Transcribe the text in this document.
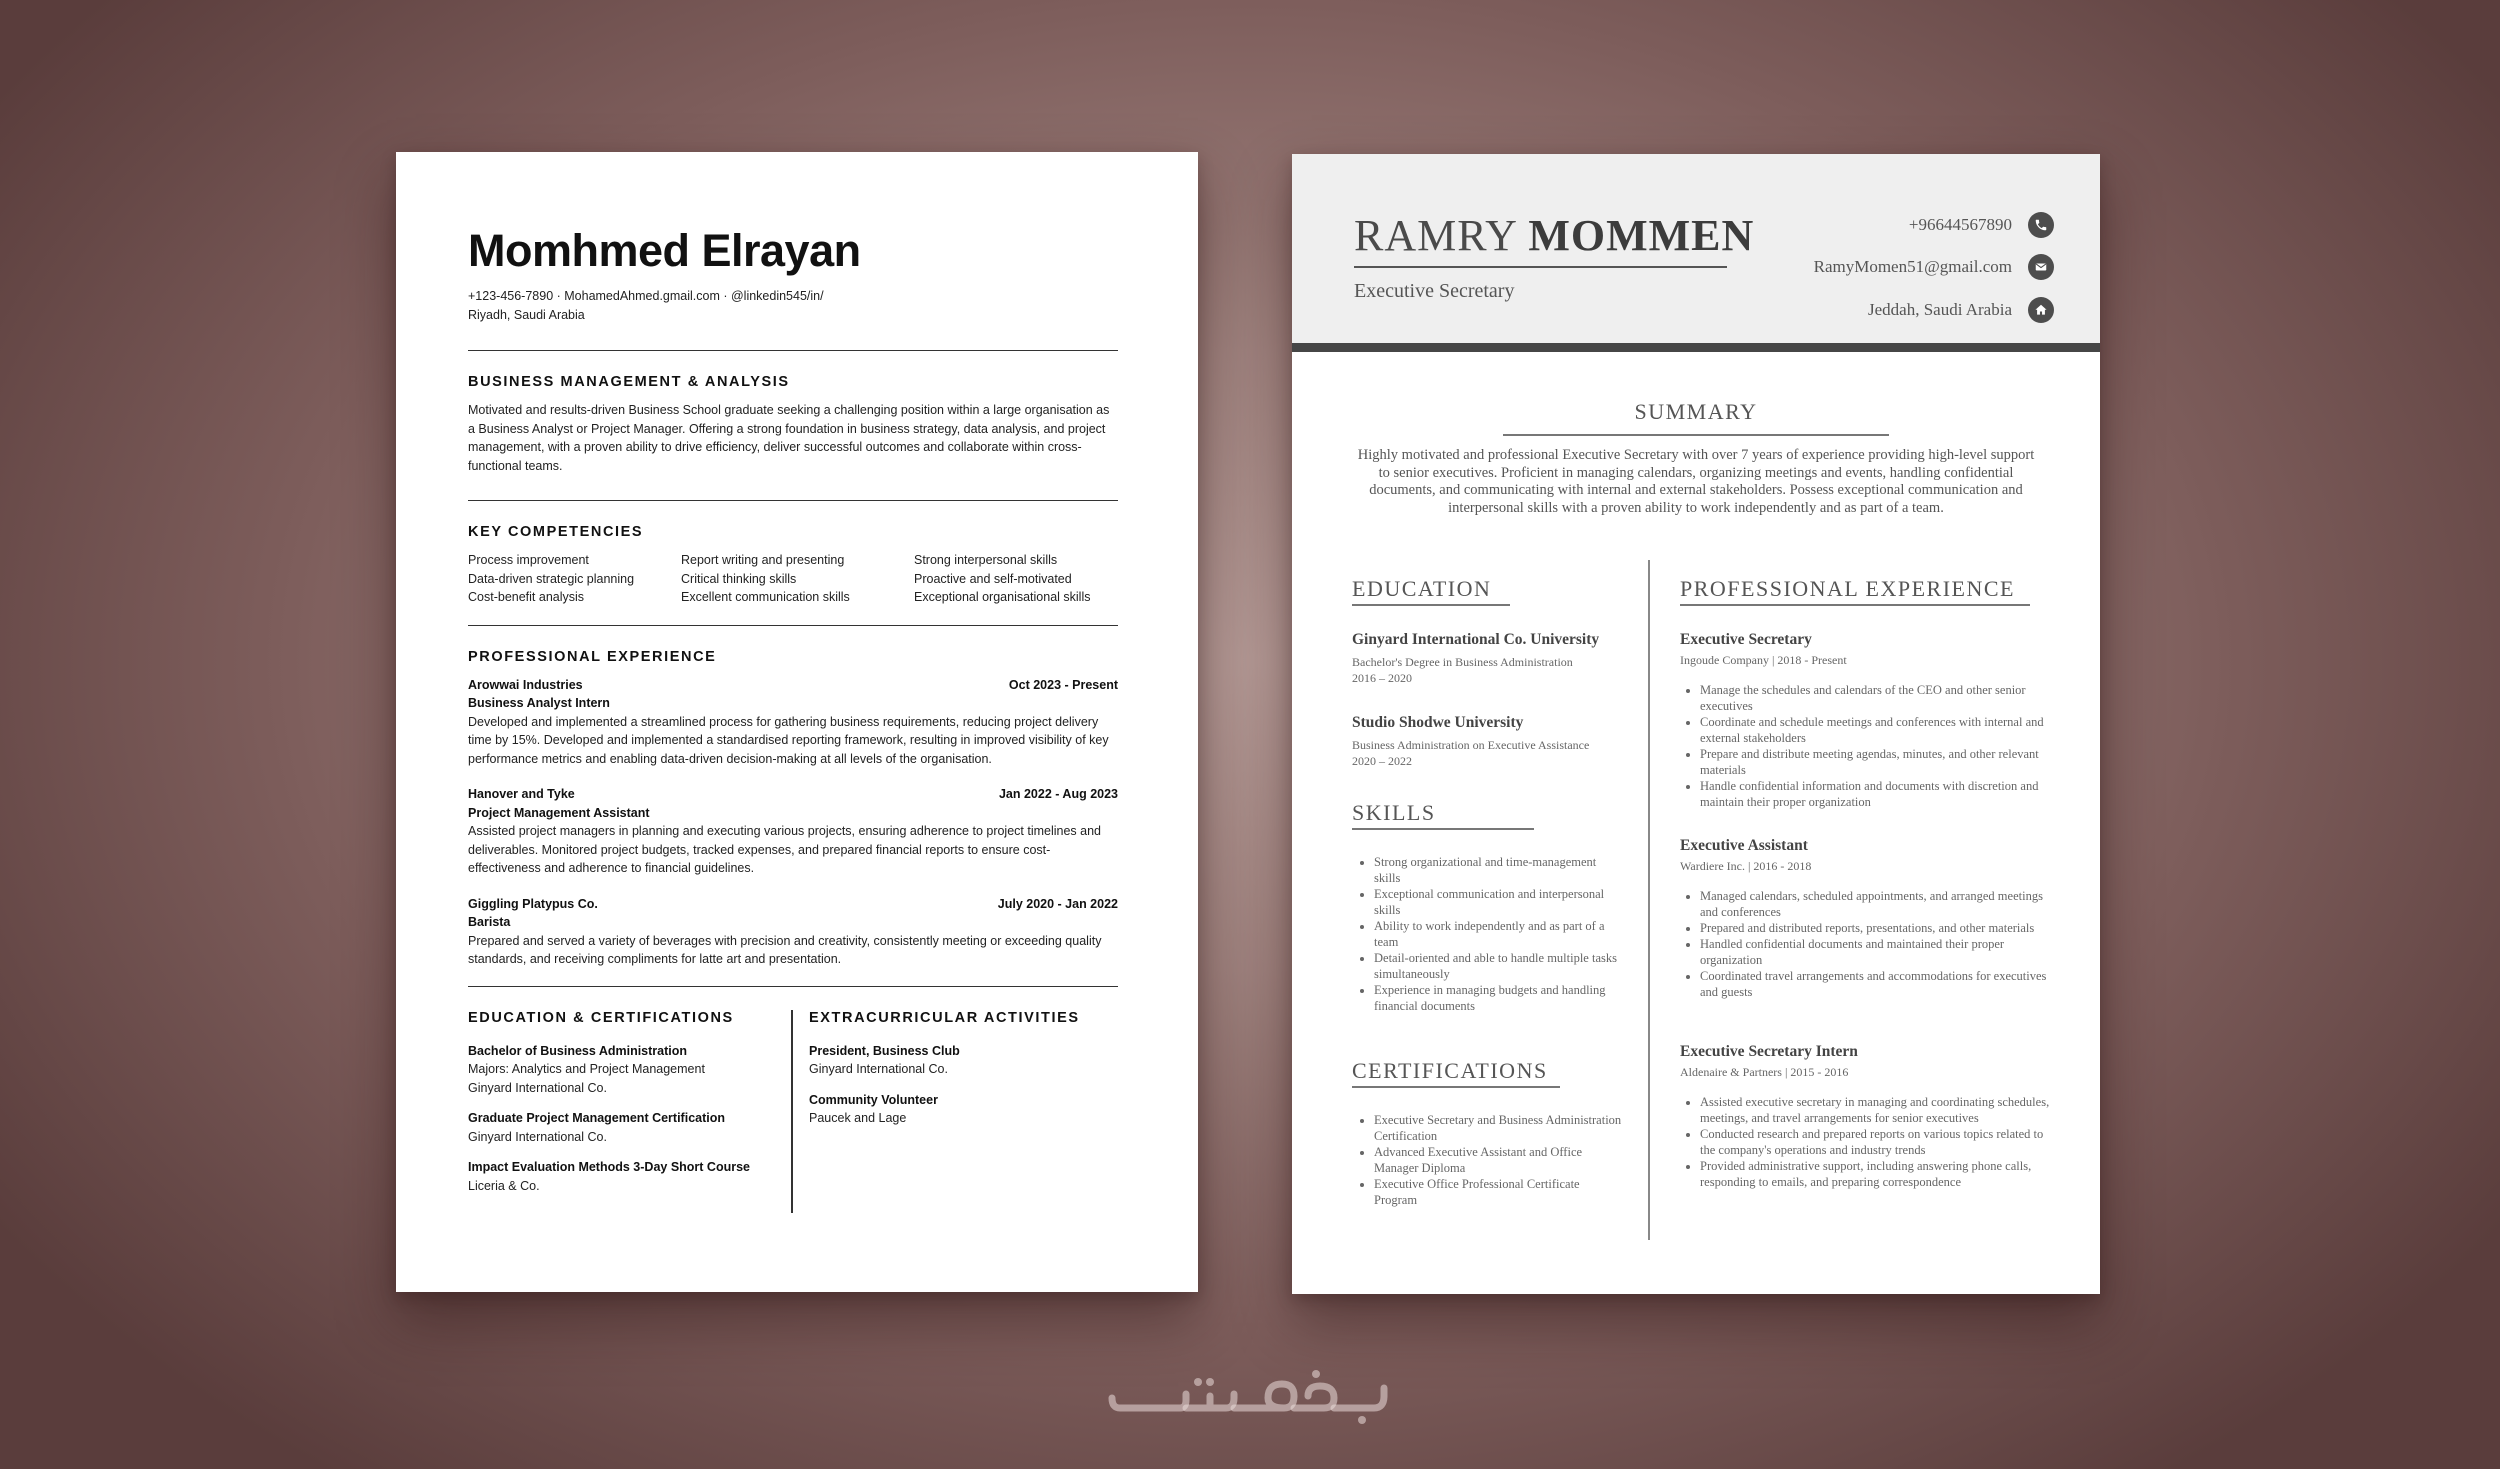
Momhmed Elrayan
+123-456-7890 · MohamedAhmed.gmail.com · @linkedin545/in/
Riyadh, Saudi Arabia
BUSINESS MANAGEMENT & ANALYSIS
Motivated and results-driven Business School graduate seeking a challenging position within a large organisation as a Business Analyst or Project Manager. Offering a strong foundation in business strategy, data analysis, and project management, with a proven ability to drive efficiency, deliver successful outcomes and collaborate within cross-functional teams.
KEY COMPETENCIES
Process improvement	Report writing and presenting	Strong interpersonal skills
Data-driven strategic planning	Critical thinking skills	Proactive and self-motivated
Cost-benefit analysis	Excellent communication skills	Exceptional organisational skills
PROFESSIONAL EXPERIENCE
Arowwai Industries	Oct 2023 - Present
Business Analyst Intern
Developed and implemented a streamlined process for gathering business requirements, reducing project delivery time by 15%. Developed and implemented a standardised reporting framework, resulting in improved visibility of key performance metrics and enabling data-driven decision-making at all levels of the organisation.
Hanover and Tyke	Jan 2022 - Aug 2023
Project Management Assistant
Assisted project managers in planning and executing various projects, ensuring adherence to project timelines and deliverables. Monitored project budgets, tracked expenses, and prepared financial reports to ensure cost-effectiveness and adherence to financial guidelines.
Giggling Platypus Co.	July 2020 - Jan 2022
Barista
Prepared and served a variety of beverages with precision and creativity, consistently meeting or exceeding quality standards, and receiving compliments for latte art and presentation.
EDUCATION & CERTIFICATIONS
Bachelor of Business Administration
Majors: Analytics and Project Management
Ginyard International Co.
Graduate Project Management Certification
Ginyard International Co.
Impact Evaluation Methods 3-Day Short Course
Liceria & Co.
EXTRACURRICULAR ACTIVITIES
President, Business Club
Ginyard International Co.
Community Volunteer
Paucek and Lage
RAMRY MOMMEN
Executive Secretary
+96644567890
RamyMomen51@gmail.com
Jeddah, Saudi Arabia
SUMMARY
Highly motivated and professional Executive Secretary with over 7 years of experience providing high-level support to senior executives. Proficient in managing calendars, organizing meetings and events, handling confidential documents, and communicating with internal and external stakeholders. Possess exceptional communication and interpersonal skills with a proven ability to work independently and as part of a team.
EDUCATION
Ginyard International Co. University
Bachelor's Degree in Business Administration
2016 – 2020
Studio Shodwe University
Business Administration on Executive Assistance
2020 – 2022
SKILLS
• Strong organizational and time-management skills
• Exceptional communication and interpersonal skills
• Ability to work independently and as part of a team
• Detail-oriented and able to handle multiple tasks simultaneously
• Experience in managing budgets and handling financial documents
CERTIFICATIONS
• Executive Secretary and Business Administration Certification
• Advanced Executive Assistant and Office Manager Diploma
• Executive Office Professional Certificate Program
PROFESSIONAL EXPERIENCE
Executive Secretary
Ingoude Company | 2018 - Present
• Manage the schedules and calendars of the CEO and other senior executives
• Coordinate and schedule meetings and conferences with internal and external stakeholders
• Prepare and distribute meeting agendas, minutes, and other relevant materials
• Handle confidential information and documents with discretion and maintain their proper organization
Executive Assistant
Wardiere Inc. | 2016 - 2018
• Managed calendars, scheduled appointments, and arranged meetings and conferences
• Prepared and distributed reports, presentations, and other materials
• Handled confidential documents and maintained their proper organization
• Coordinated travel arrangements and accommodations for executives and guests
Executive Secretary Intern
Aldenaire & Partners | 2015 - 2016
• Assisted executive secretary in managing and coordinating schedules, meetings, and travel arrangements for senior executives
• Conducted research and prepared reports on various topics related to the company's operations and industry trends
• Provided administrative support, including answering phone calls, responding to emails, and preparing correspondence
